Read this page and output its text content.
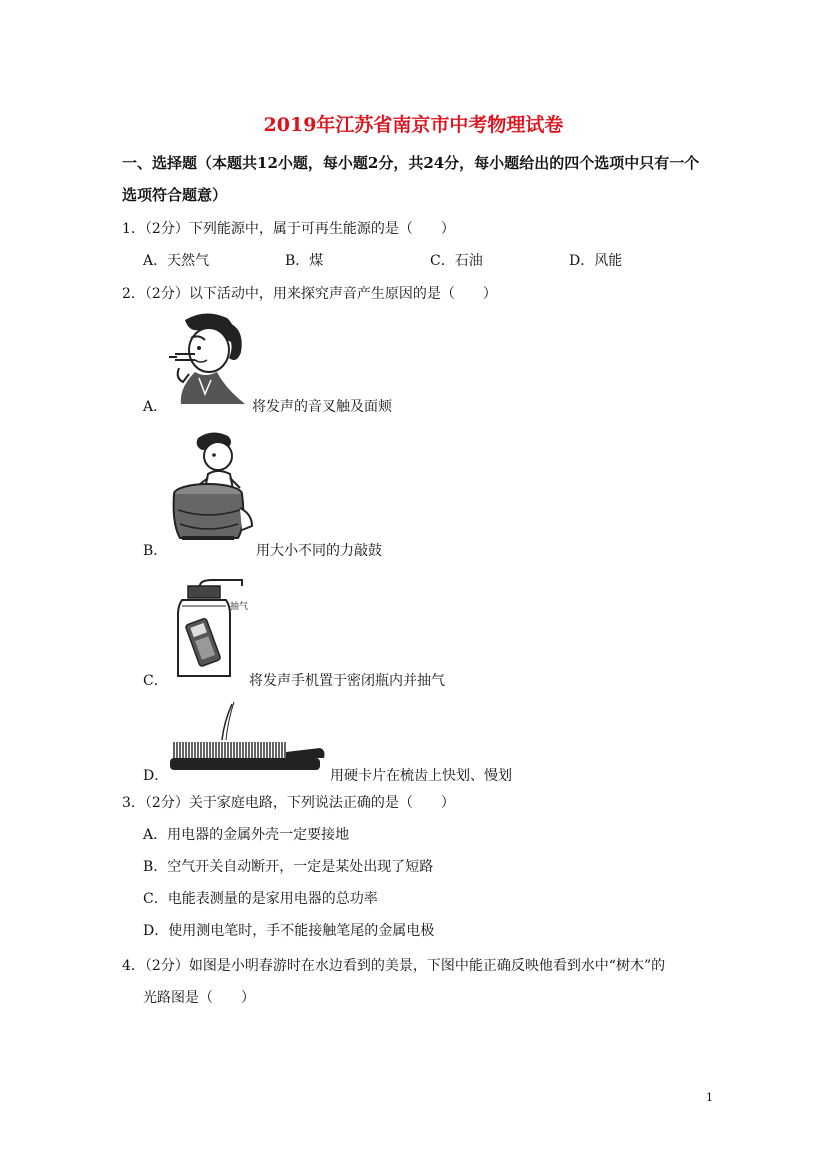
2019年江苏省南京市中考物理试卷
一、选择题（本题共12小题，每小题2分，共24分，每小题给出的四个选项中只有一个
选项符合题意）
1．（2分）下列能源中，属于可再生能源的是（　　）
A．天然气	B．煤	C．石油	D．风能
2．（2分）以下活动中，用来探究声音产生原因的是（　　）
A．	将发声的音叉触及面颊
B．	用大小不同的力敲鼓
抽气
C．	将发声手机置于密闭瓶内并抽气
D．	用硬卡片在梳齿上快划、慢划
3．（2分）关于家庭电路，下列说法正确的是（　　）
A．用电器的金属外壳一定要接地
B．空气开关自动断开，一定是某处出现了短路
C．电能表测量的是家用电器的总功率
D．使用测电笔时，手不能接触笔尾的金属电极
4．（2分）如图是小明春游时在水边看到的美景，下图中能正确反映他看到水中“树木”的
光路图是（　　）
1
